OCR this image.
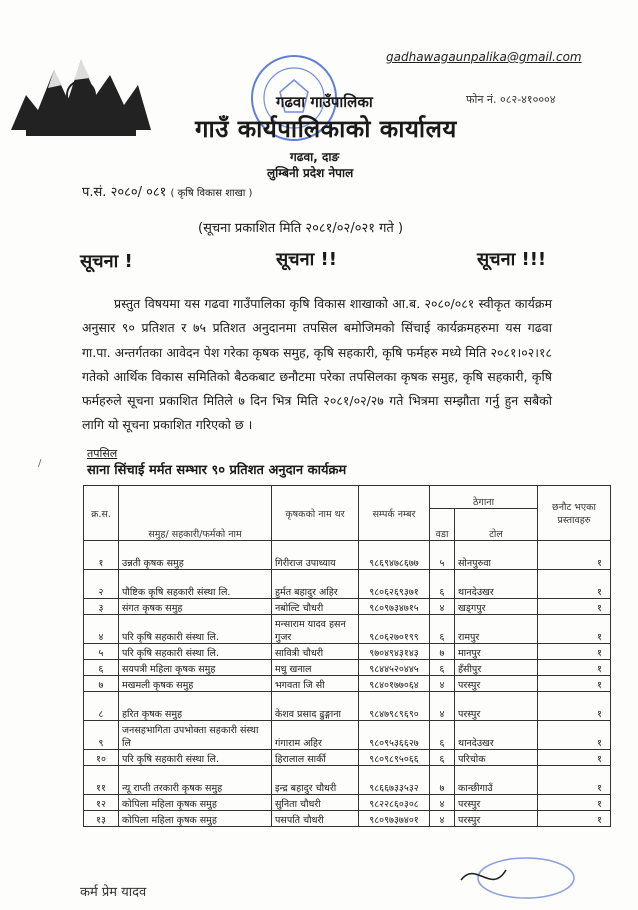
gadhawagaunpalika@gmail.com
फोन नं. ०८२-४१०००४
गढवा गाउँपालिका
गाउँ कार्यपालिकाको कार्यालय
गढवा, दाङ
लुम्बिनी प्रदेश नेपाल
प.सं. २०८०/ ०८१ ( कृषि विकास शाखा )
(सूचना प्रकाशित मिति २०८१/०२/०२१ गते )
सूचना !	सूचना !!	सूचना !!!

प्रस्तुत विषयमा यस गढवा गाउँपालिका कृषि विकास शाखाको आ.ब. २०८०/०८१ स्वीकृत कार्यक्रम अनुसार ९० प्रतिशत र ७५ प्रतिशत अनुदानमा तपसिल बमोजिमको सिंचाई कार्यक्रमहरुमा यस गढवा गा.पा. अन्तर्गतका आवेदन पेश गरेका कृषक समुह, कृषि सहकारी, कृषि फर्महरु मध्ये मिति २०८१।०२।१८ गतेको आर्थिक विकास समितिको बैठकबाट छनौटमा परेका तपसिलका कृषक समुह, कृषि सहकारी, कृषि फर्महरुले सूचना प्रकाशित मितिले ७ दिन भित्र मिति २०८१/०२/२७ गते भित्रमा सम्झौता गर्नु हुन सबैको लागि यो सूचना प्रकाशित गरिएको छ ।

/
तपसिल
साना सिंचाई मर्मत सम्भार ९० प्रतिशत अनुदान कार्यक्रम
क्र.स.	समुह/ सहकारी/फर्मको नाम	कृषकको नाम थर	सम्पर्क नम्बर	ठेगाना		छनौट भएका प्रस्तावहरु
				वडा	टोल	
१	उन्नती कृषक समुह	गिरीराज उपाध्याय	९८६९४७८६७७	५	सोनपुरुवा	१
२	पौष्टिक कृषि सहकारी संस्था लि.	हुर्मत बहादुर अहिर	९८०६२६९३७१	६	थानदेउखर	१
३	संगत कृषक समुह	नबोल्टि चौधरी	९८०९७३४७१५	४	खड्गपुर	१
४	परि कृषि सहकारी संस्था लि.	मन्साराम यादव हसन गुजर	९८०६२७०१९९	६	रामपुर	१
५	परि कृषि सहकारी संस्था लि.	सावित्री चौधरी	९७०४९४३१४३	७	मानपुर	१
६	सयपत्री महिला कृषक समुह	मधु खनाल	९८४४५२०४४५	६	हँसीपुर	१
७	मखमली कृषक समुह	भगवता जि सी	९८४०१७७०६४	४	परस्पुर	१
८	हरित कृषक समुह	केशव प्रसाद ढुङ्गाना	९८४७९८९६९०	४	परस्पुर	१
९	जनसहभागिता उपभोक्ता सहकारी संस्था लि	गंगाराम अहिर	९८०९५३६६२७	६	थानदेउखर	१
१०	परि कृषि सहकारी संस्था लि.	हिरालाल सार्की	९८०९८९५०६६	६	परिचोक	१
११	न्यू राप्ती तरकारी कृषक समुह	इन्द्र बहादुर चौधरी	९८६६७३३५३२	७	कान्छीगाउँ	१
१२	कोपिला महिला कृषक समुह	सुनिता चौधरी	९८२२८६०३०८	४	परस्पुर	१
१३	कोपिला महिला कृषक समुह	पसपति चौधरी	९८०९७३७४०१	४	परस्पुर	१
कर्म प्रेम यादव
